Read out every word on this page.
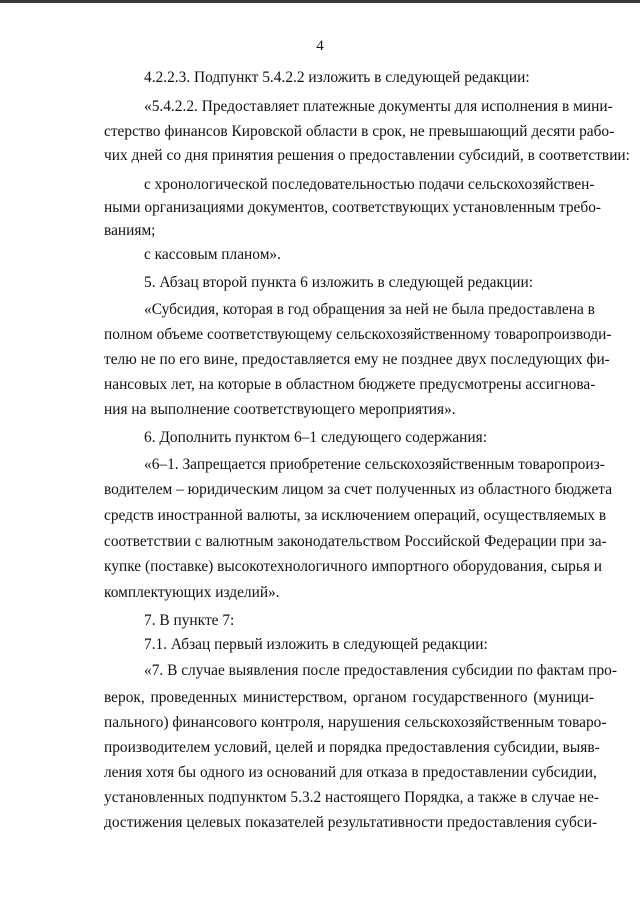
4
4.2.2.3. Подпункт 5.4.2.2 изложить в следующей редакции:
«5.4.2.2. Предоставляет платежные документы для исполнения в мини-
стерство финансов Кировской области в срок, не превышающий десяти рабо-
чих дней со дня принятия решения о предоставлении субсидий, в соответствии:
с хронологической последовательностью подачи сельскохозяйствен-
ными организациями документов, соответствующих установленным требо-
ваниям;
с кассовым планом».
5. Абзац второй пункта 6 изложить в следующей редакции:
«Субсидия, которая в год обращения за ней не была предоставлена в
полном объеме соответствующему сельскохозяйственному товаропроизводи-
телю не по его вине, предоставляется ему не позднее двух последующих фи-
нансовых лет, на которые в областном бюджете предусмотрены ассигнова-
ния на выполнение соответствующего мероприятия».
6. Дополнить пунктом 6–1 следующего содержания:
«6–1. Запрещается приобретение сельскохозяйственным товаропроиз-
водителем – юридическим лицом за счет полученных из областного бюджета
средств иностранной валюты, за исключением операций, осуществляемых в
соответствии с валютным законодательством Российской Федерации при за-
купке (поставке) высокотехнологичного импортного оборудования, сырья и
комплектующих изделий».
7. В пункте 7:
7.1. Абзац первый изложить в следующей редакции:
«7. В случае выявления после предоставления субсидии по фактам про-
верок, проведенных министерством, органом государственного (муници-
пального) финансового контроля, нарушения сельскохозяйственным товаро-
производителем условий, целей и порядка предоставления субсидии, выяв-
ления хотя бы одного из оснований для отказа в предоставлении субсидии,
установленных подпунктом 5.3.2 настоящего Порядка, а также в случае не-
достижения целевых показателей результативности предоставления субси-
